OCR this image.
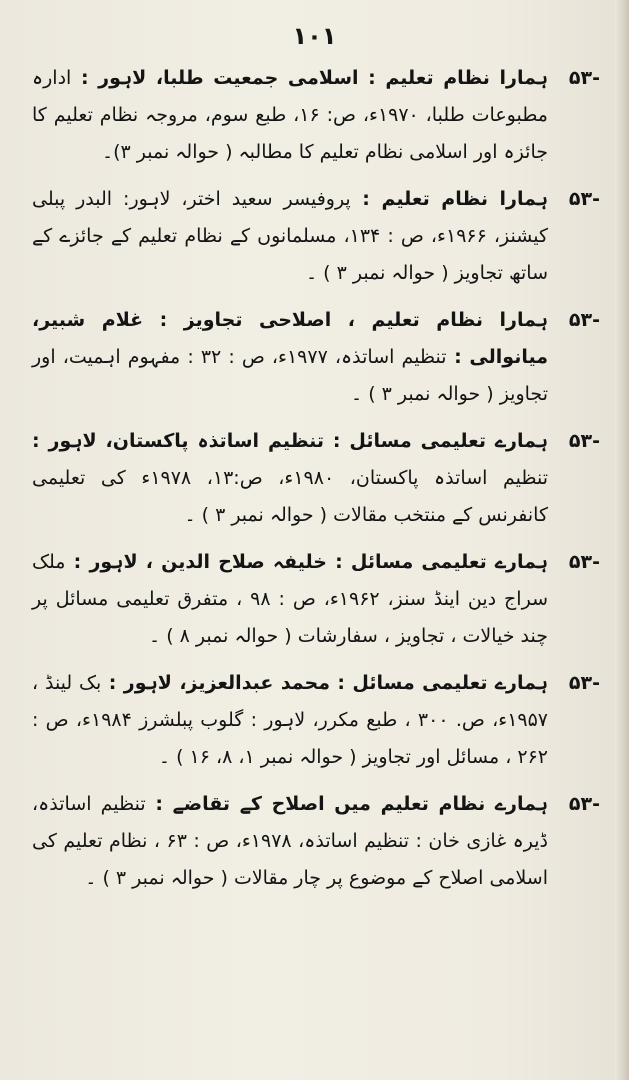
۱۰۱
-۵۳
ہمارا نظام تعلیم : اسلامی جمعیت طلبا، لاہور : ادارہ مطبوعات طلبا، ۱۹۷۰ء، ص: ۱۶، طبع سوم، مروجہ نظام تعلیم کا جائزہ اور اسلامی نظام تعلیم کا مطالبہ ( حوالہ نمبر ۳)۔
-۵۳
ہمارا نظام تعلیم : پروفیسر سعید اختر، لاہور: البدر پبلی کیشنز، ۱۹۶۶ء، ص : ۱۳۴، مسلمانوں کے نظام تعلیم کے جائزے کے ساتھ تجاویز ( حوالہ نمبر ۳ ) ۔
-۵۳
ہمارا نظام تعلیم ، اصلاحی تجاویز : غلام شبیر، میانوالی : تنظیم اساتذہ، ۱۹۷۷ء، ص : ۳۲ : مفہوم اہمیت، اور تجاویز ( حوالہ نمبر ۳ ) ۔
-۵۳
ہمارے تعلیمی مسائل : تنظیم اساتذہ پاکستان، لاہور : تنظیم اساتذہ پاکستان، ۱۹۸۰ء، ص:۱۳، ۱۹۷۸ء کی تعلیمی کانفرنس کے منتخب مقالات ( حوالہ نمبر ۳ ) ۔
-۵۳
ہمارے تعلیمی مسائل : خلیفہ صلاح الدین ، لاہور : ملک سراج دین اینڈ سنز، ۱۹۶۲ء، ص : ۹۸ ، متفرق تعلیمی مسائل پر چند خیالات ، تجاویز ، سفارشات ( حوالہ نمبر ۸ ) ۔
-۵۳
ہمارے تعلیمی مسائل : محمد عبدالعزیز، لاہور : بک لینڈ ، ۱۹۵۷ء، ص. ۳۰۰ ، طبع مکرر، لاہور : گلوب پبلشرز ۱۹۸۴ء، ص : ۲۶۲ ، مسائل اور تجاویز ( حوالہ نمبر ۱، ۸، ۱۶ ) ۔
-۵۳
ہمارے نظام تعلیم میں اصلاح کے تقاضے : تنظیم اساتذہ، ڈیرہ غازی خان : تنظیم اساتذہ، ۱۹۷۸ء، ص : ۶۳ ، نظام تعلیم کی اسلامی اصلاح کے موضوع پر چار مقالات ( حوالہ نمبر ۳ ) ۔
